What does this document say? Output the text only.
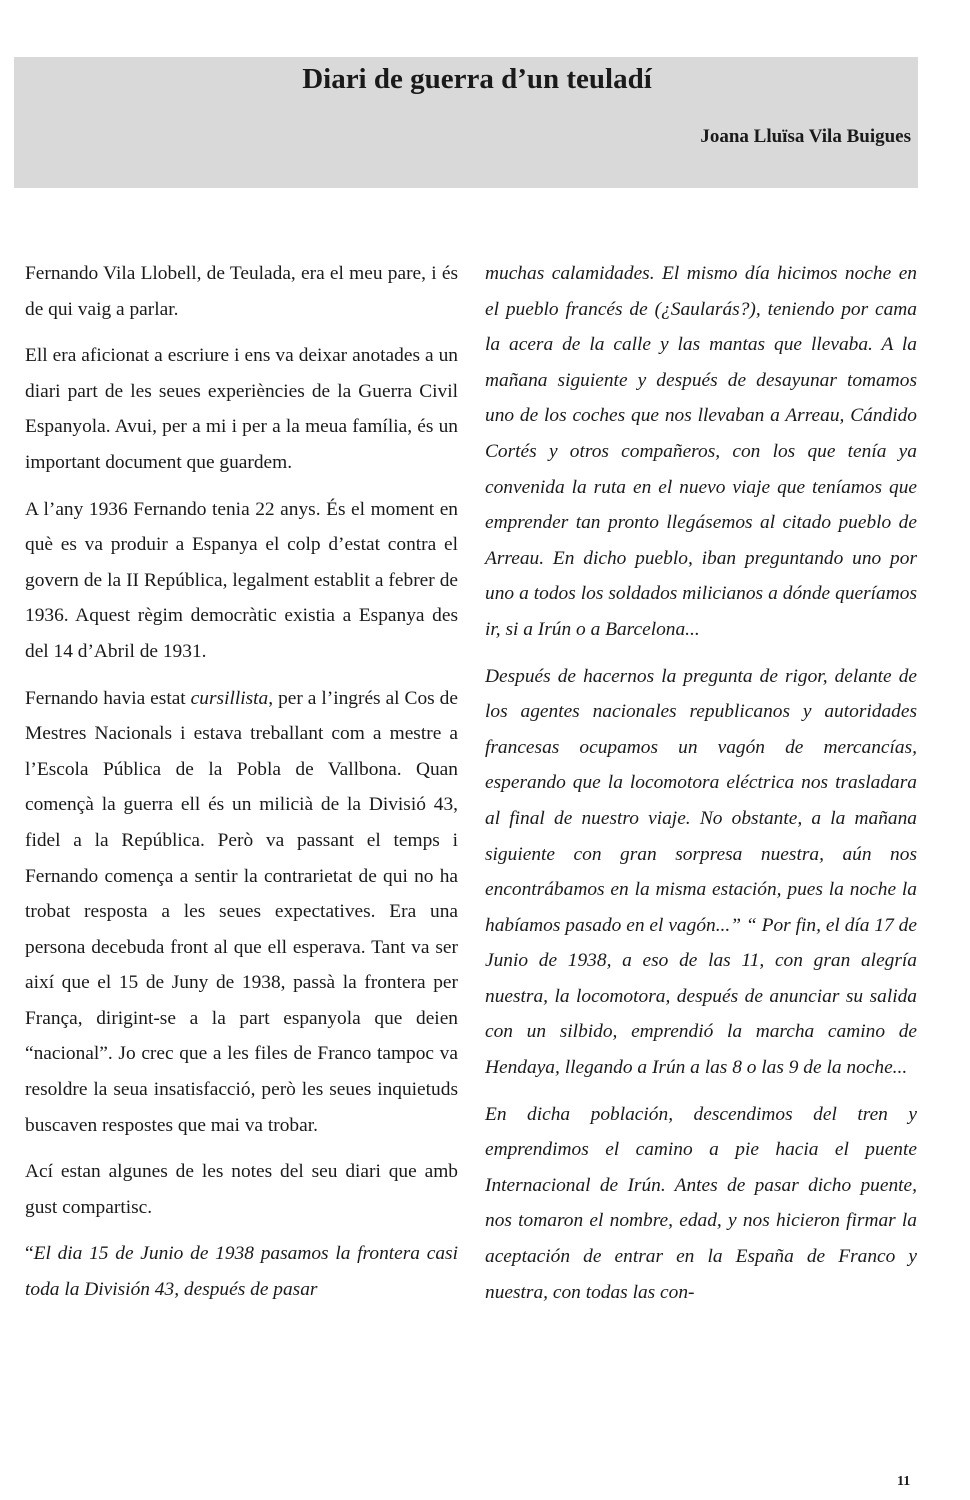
Diari de guerra d’un teuladí
Joana Lluïsa Vila Buigues

Fernando Vila Llobell, de Teulada, era el meu pare, i és de qui vaig a parlar.

Ell era aficionat a escriure i ens va deixar anotades a un diari part de les seues experiències de la Guerra Civil Espanyola. Avui, per a mi i per a la meua família, és un important document que guardem.

A l’any 1936 Fernando tenia 22 anys. És el moment en què es va produir a Espanya el colp d’estat contra el govern de la II República, legalment establit a febrer de 1936. Aquest règim democràtic existia a Espanya des del 14 d’Abril de 1931.

Fernando havia estat cursillista, per a l’ingrés al Cos de Mestres Nacionals i estava treballant com a mestre a l’Escola Pública de la Pobla de Vallbona. Quan començà la guerra ell és un milicià de la Divisió 43, fidel a la República. Però va passant el temps i Fernando comença a sentir la contrarietat de qui no ha trobat resposta a les seues expectatives. Era una persona decebuda front al que ell esperava. Tant va ser així que el 15 de Juny de 1938, passà la frontera per França, dirigint-se a la part espanyola que deien “nacional”. Jo crec que a les files de Franco tampoc va resoldre la seua insatisfacció, però les seues inquietuds buscaven respostes que mai va trobar.

Ací estan algunes de les notes del seu diari que amb gust compartisc.

“El dia 15 de Junio de 1938 pasamos la frontera casi toda la División 43, después de pasar

muchas calamidades. El mismo día hicimos noche en el pueblo francés de (¿Saularás?), teniendo por cama la acera de la calle y las mantas que llevaba. A la mañana siguiente y después de desayunar tomamos uno de los coches que nos llevaban a Arreau, Cándido Cortés y otros compañeros, con los que tenía ya convenida la ruta en el nuevo viaje que teníamos que emprender tan pronto llegásemos al citado pueblo de Arreau. En dicho pueblo, iban preguntando uno por uno a todos los soldados milicianos a dónde queríamos ir, si a Irún o a Barcelona...

Después de hacernos la pregunta de rigor, delante de los agentes nacionales republicanos y autoridades francesas ocupamos un vagón de mercancías, esperando que la locomotora eléctrica nos trasladara al final de nuestro viaje. No obstante, a la mañana siguiente con gran sorpresa nuestra, aún nos encontrábamos en la misma estación, pues la noche la habíamos pasado en el vagón...” “ Por fin, el día 17 de Junio de 1938, a eso de las 11, con gran alegría nuestra, la locomotora, después de anunciar su salida con un silbido, emprendió la marcha camino de Hendaya, llegando a Irún a las 8 o las 9 de la noche...

En dicha población, descendimos del tren y emprendimos el camino a pie hacia el puente Internacional de Irún. Antes de pasar dicho puente, nos tomaron el nombre, edad, y nos hicieron firmar la aceptación de entrar en la España de Franco y nuestra, con todas las con-

11
